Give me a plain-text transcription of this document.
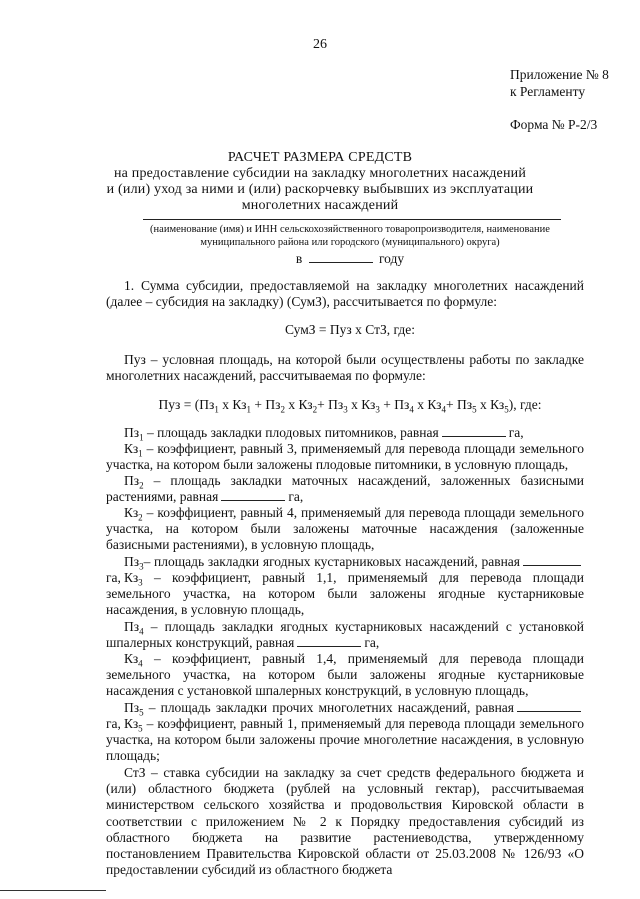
26
Приложение № 8
к Регламенту
Форма № Р-2/3
РАСЧЕТ РАЗМЕРА СРЕДСТВ
на предоставление субсидии на закладку многолетних насаждений
и (или) уход за ними и (или) раскорчевку выбывших из эксплуатации
многолетних насаждений
(наименование (имя) и ИНН сельскохозяйственного товаропроизводителя, наименование
муниципального района или городского (муниципального) округа)
в	году
1. Сумма субсидии, предоставляемой на закладку многолетних насаждений (далее – субсидия на закладку) (СумЗ), рассчитывается по формуле:
СумЗ = Пуз х СтЗ, где:
Пуз – условная площадь, на которой были осуществлены работы по закладке многолетних насаждений, рассчитываемая по формуле:
Пуз = ($Пз_1$ х $Кз_1 + Пз_2$ х $Кз_2+ Пз_3$ х $Кз_3 + Пз_4$ х $Кз_4+ Пз_5$ х $Кз_5$), где:
$Пз_1$ – площадь закладки плодовых питомников, равная	га,
$Кз_1$ – коэффициент, равный 3, применяемый для перевода площади земельного участка, на котором были заложены плодовые питомники, в условную площадь,
$Пз_2$ – площадь закладки маточных насаждений, заложенных базисными растениями, равная	га,
$Кз_2$ – коэффициент, равный 4, применяемый для перевода площади земельного участка, на котором были заложены маточные насаждения (заложенные базисными растениями), в условную площадь,
$Пз_3-$ площадь закладки ягодных кустарниковых насаждений, равнаяга, $Кз_3$ – коэффициент, равный 1,1, применяемый для перевода площади земельного участка, на котором были заложены ягодные кустарниковые насаждения, в условную площадь,
$Пз_4$ – площадь закладки ягодных кустарниковых насаждений с установкой шпалерных конструкций, равная	га,
$Кз_4$ – коэффициент, равный 1,4, применяемый для перевода площади земельного участка, на котором были заложены ягодные кустарниковые насаждения с установкой шпалерных конструкций, в условную площадь,
$Пз_5$ – площадь закладки прочих многолетних насаждений, равнаяга, $Кз_5$ – коэффициент, равный 1, применяемый для перевода площади земельного участка, на котором были заложены прочие многолетние насаждения, в условную площадь;
СтЗ – ставка субсидии на закладку за счет средств федерального бюджета и (или) областного бюджета (рублей на условный гектар), рассчитываемая министерством сельского хозяйства и продовольствия Кировской области в соответствии с приложением № 2 к Порядку предоставления субсидий из областного бюджета на развитие растениеводства, утвержденному постановлением Правительства Кировской области от 25.03.2008 № 126/93 «О предоставлении субсидий из областного бюджета
